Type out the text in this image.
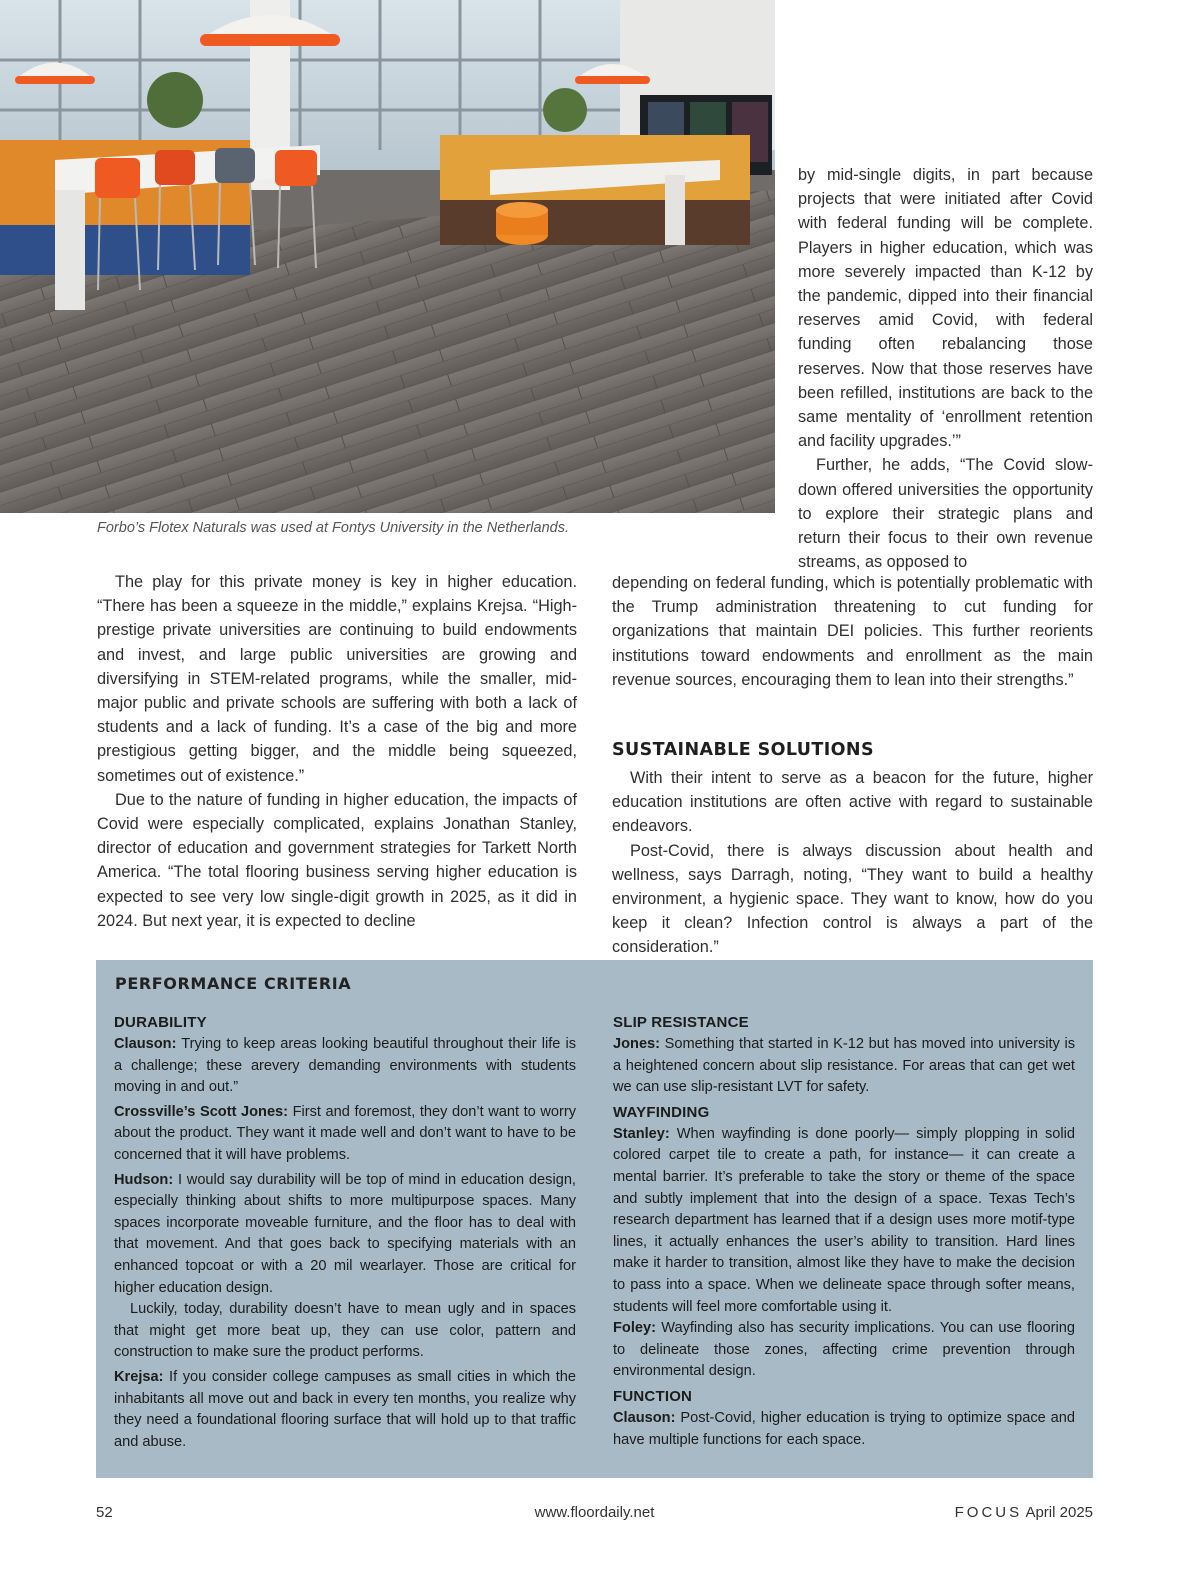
Forbo’s Flotex Naturals was used at Fontys University in the Netherlands.

by mid-single digits, in part because projects that were initiated after Covid with federal funding will be complete. Players in higher education, which was more severely impacted than K-12 by the pandemic, dipped into their financial reserves amid Covid, with federal funding often rebalancing those reserves. Now that those reserves have been refilled, institutions are back to the same mentality of ‘enrollment retention and facility upgrades.’”

Further, he adds, “The Covid slow-down offered universities the opportunity to explore their strategic plans and return their focus to their own revenue streams, as opposed to

depending on federal funding, which is potentially problematic with the Trump administration threatening to cut funding for organizations that maintain DEI policies. This further reorients institutions toward endowments and enrollment as the main revenue sources, encouraging them to lean into their strengths.”

The play for this private money is key in higher education. “There has been a squeeze in the middle,” explains Krejsa. “High-prestige private universities are continuing to build endowments and invest, and large public universities are growing and diversifying in STEM-related programs, while the smaller, mid-major public and private schools are suffering with both a lack of students and a lack of funding. It’s a case of the big and more prestigious getting bigger, and the middle being squeezed, sometimes out of existence.”

Due to the nature of funding in higher education, the impacts of Covid were especially complicated, explains Jonathan Stanley, director of education and government strategies for Tarkett North America. “The total flooring business serving higher education is expected to see very low single-digit growth in 2025, as it did in 2024. But next year, it is expected to decline

SUSTAINABLE SOLUTIONS

With their intent to serve as a beacon for the future, higher education institutions are often active with regard to sustainable endeavors.

Post-Covid, there is always discussion about health and wellness, says Darragh, noting, “They want to build a healthy environment, a hygienic space. They want to know, how do you keep it clean? Infection control is always a part of the consideration.”

PERFORMANCE CRITERIA
DURABILITY

Clauson: Trying to keep areas looking beautiful throughout their life is a challenge; these arevery demanding environments with students moving in and out.”

Crossville’s Scott Jones: First and foremost, they don’t want to worry about the product. They want it made well and don’t want to have to be concerned that it will have problems.

Hudson: I would say durability will be top of mind in education design, especially thinking about shifts to more multipurpose spaces. Many spaces incorporate moveable furniture, and the floor has to deal with that movement. And that goes back to specifying materials with an enhanced topcoat or with a 20 mil wearlayer. Those are critical for higher education design.

Luckily, today, durability doesn’t have to mean ugly and in spaces that might get more beat up, they can use color, pattern and construction to make sure the product performs.

Krejsa: If you consider college campuses as small cities in which the inhabitants all move out and back in every ten months, you realize why they need a foundational flooring surface that will hold up to that traffic and abuse.

SLIP RESISTANCE

Jones: Something that started in K-12 but has moved into university is a heightened concern about slip resistance. For areas that can get wet we can use slip-resistant LVT for safety.

WAYFINDING

Stanley: When wayfinding is done poorly— simply plopping in solid colored carpet tile to create a path, for instance— it can create a mental barrier. It’s preferable to take the story or theme of the space and subtly implement that into the design of a space. Texas Tech’s research department has learned that if a design uses more motif-type lines, it actually enhances the user’s ability to transition. Hard lines make it harder to transition, almost like they have to make the decision to pass into a space. When we delineate space through softer means, students will feel more comfortable using it.

Foley: Wayfinding also has security implications. You can use flooring to delineate those zones, affecting crime prevention through environmental design.

FUNCTION

Clauson: Post-Covid, higher education is trying to optimize space and have multiple functions for each space.

52	www.floordaily.net	FOCUS April 2025
